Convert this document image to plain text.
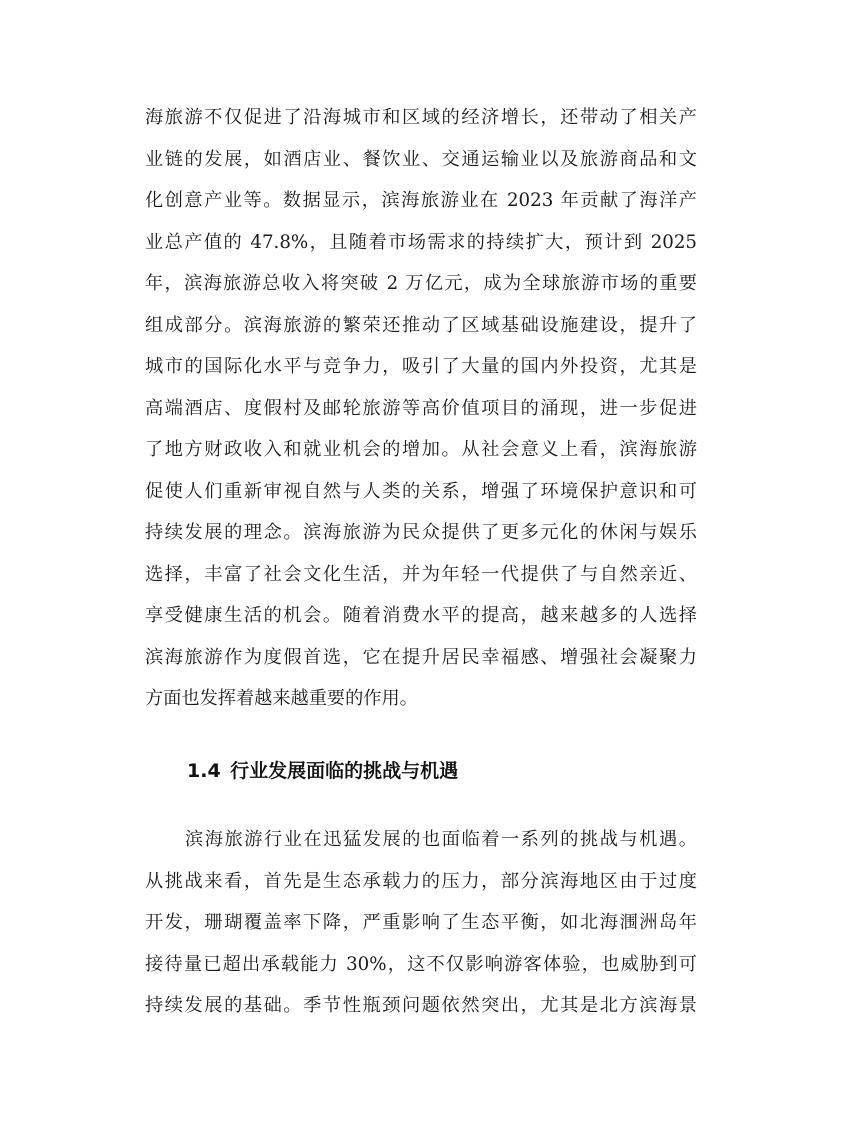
海旅游不仅促进了沿海城市和区域的经济增长，还带动了相关产
业链的发展，如酒店业、餐饮业、交通运输业以及旅游商品和文
化创意产业等。数据显示，滨海旅游业在 2023 年贡献了海洋产
业总产值的 47.8%，且随着市场需求的持续扩大，预计到 2025
年，滨海旅游总收入将突破 2 万亿元，成为全球旅游市场的重要
组成部分。滨海旅游的繁荣还推动了区域基础设施建设，提升了
城市的国际化水平与竞争力，吸引了大量的国内外投资，尤其是
高端酒店、度假村及邮轮旅游等高价值项目的涌现，进一步促进
了地方财政收入和就业机会的增加。从社会意义上看，滨海旅游
促使人们重新审视自然与人类的关系，增强了环境保护意识和可
持续发展的理念。滨海旅游为民众提供了更多元化的休闲与娱乐
选择，丰富了社会文化生活，并为年轻一代提供了与自然亲近、
享受健康生活的机会。随着消费水平的提高，越来越多的人选择
滨海旅游作为度假首选，它在提升居民幸福感、增强社会凝聚力
方面也发挥着越来越重要的作用。
1.4  行业发展面临的挑战与机遇
滨海旅游行业在迅猛发展的也面临着一系列的挑战与机遇。
从挑战来看，首先是生态承载力的压力，部分滨海地区由于过度
开发，珊瑚覆盖率下降，严重影响了生态平衡，如北海涠洲岛年
接待量已超出承载能力 30%，这不仅影响游客体验，也威胁到可
持续发展的基础。季节性瓶颈问题依然突出，尤其是北方滨海景
